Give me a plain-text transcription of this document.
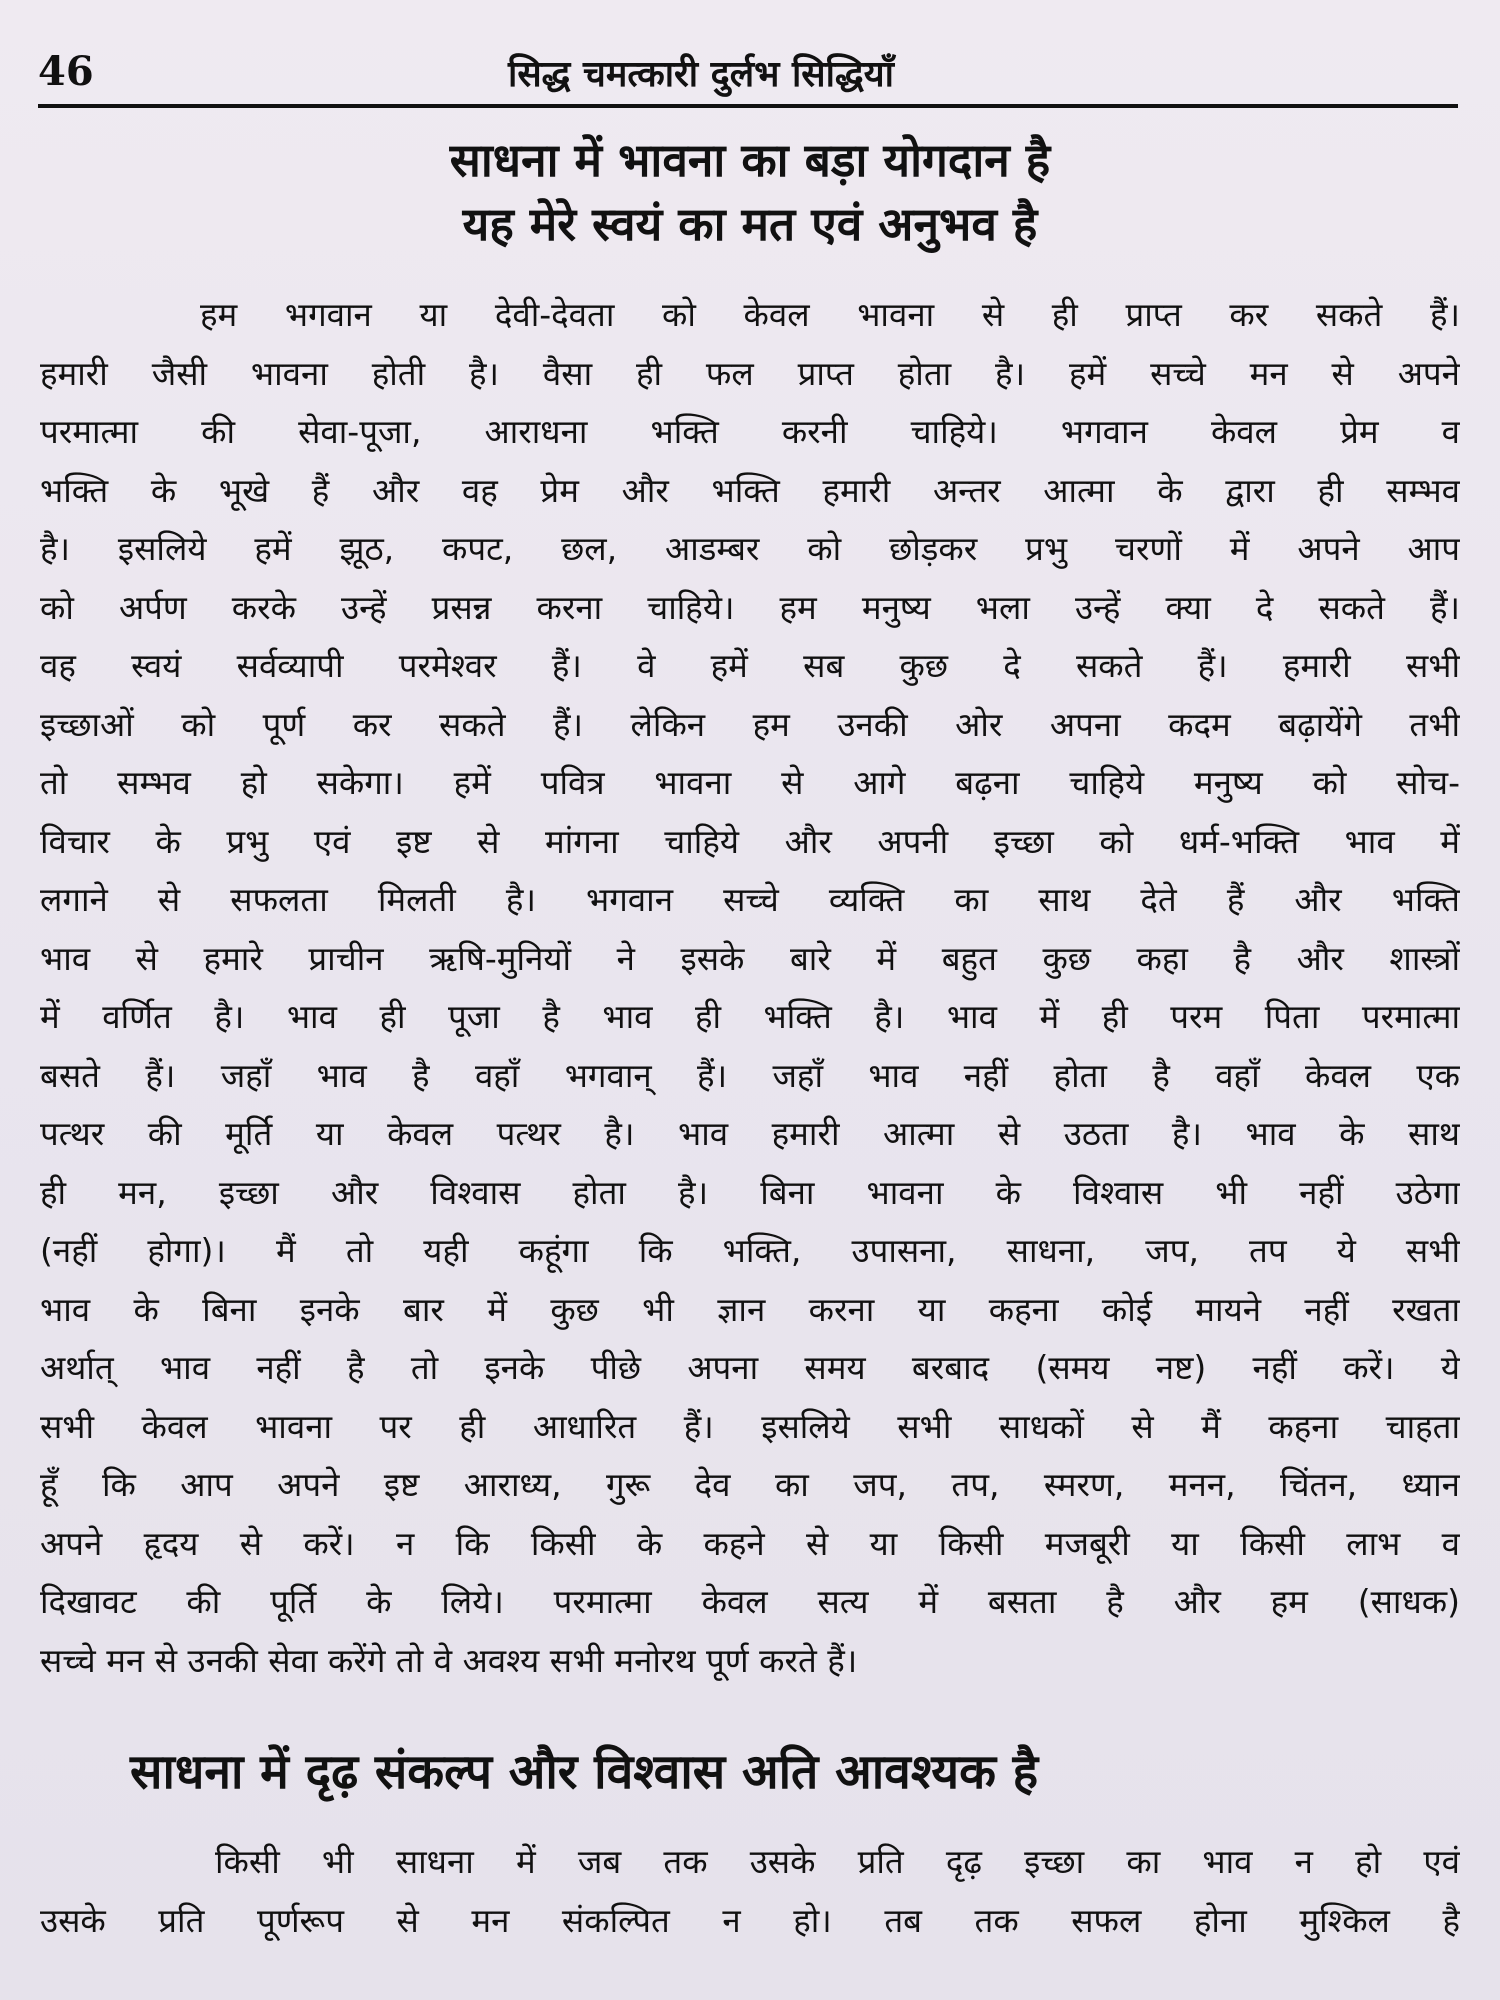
46	सिद्ध चमत्कारी दुर्लभ सिद्धियाँ
साधना में भावना का बड़ा योगदान है
यह मेरे स्वयं का मत एवं अनुभव है
हम भगवान या देवी-देवता को केवल भावना से ही प्राप्त कर सकते हैं।
हमारी जैसी भावना होती है। वैसा ही फल प्राप्त होता है। हमें सच्चे मन से अपने
परमात्मा की सेवा-पूजा, आराधना भक्ति करनी चाहिये। भगवान केवल प्रेम व
भक्ति के भूखे हैं और वह प्रेम और भक्ति हमारी अन्तर आत्मा के द्वारा ही सम्भव
है। इसलिये हमें झूठ, कपट, छल, आडम्बर को छोड़कर प्रभु चरणों में अपने आप
को अर्पण करके उन्हें प्रसन्न करना चाहिये। हम मनुष्य भला उन्हें क्या दे सकते हैं।
वह स्वयं सर्वव्यापी परमेश्वर हैं। वे हमें सब कुछ दे सकते हैं। हमारी सभी
इच्छाओं को पूर्ण कर सकते हैं। लेकिन हम उनकी ओर अपना कदम बढ़ायेंगे तभी
तो सम्भव हो सकेगा। हमें पवित्र भावना से आगे बढ़ना चाहिये मनुष्य को सोच-
विचार के प्रभु एवं इष्ट से मांगना चाहिये और अपनी इच्छा को धर्म-भक्ति भाव में
लगाने से सफलता मिलती है। भगवान सच्चे व्यक्ति का साथ देते हैं और भक्ति
भाव से हमारे प्राचीन ऋषि-मुनियों ने इसके बारे में बहुत कुछ कहा है और शास्त्रों
में वर्णित है। भाव ही पूजा है भाव ही भक्ति है। भाव में ही परम पिता परमात्मा
बसते हैं। जहाँ भाव है वहाँ भगवान् हैं। जहाँ भाव नहीं होता है वहाँ केवल एक
पत्थर की मूर्ति या केवल पत्थर है। भाव हमारी आत्मा से उठता है। भाव के साथ
ही मन, इच्छा और विश्वास होता है। बिना भावना के विश्वास भी नहीं उठेगा
(नहीं होगा)। मैं तो यही कहूंगा कि भक्ति, उपासना, साधना, जप, तप ये सभी
भाव के बिना इनके बार में कुछ भी ज्ञान करना या कहना कोई मायने नहीं रखता
अर्थात् भाव नहीं है तो इनके पीछे अपना समय बरबाद (समय नष्ट) नहीं करें। ये
सभी केवल भावना पर ही आधारित हैं। इसलिये सभी साधकों से मैं कहना चाहता
हूँ कि आप अपने इष्ट आराध्य, गुरू देव का जप, तप, स्मरण, मनन, चिंतन, ध्यान
अपने हृदय से करें। न कि किसी के कहने से या किसी मजबूरी या किसी लाभ व
दिखावट की पूर्ति के लिये। परमात्मा केवल सत्य में बसता है और हम (साधक)
सच्चे मन से उनकी सेवा करेंगे तो वे अवश्य सभी मनोरथ पूर्ण करते हैं।
साधना में दृढ़ संकल्प और विश्वास अति आवश्यक है
किसी भी साधना में जब तक उसके प्रति दृढ़ इच्छा का भाव न हो एवं
उसके प्रति पूर्णरूप से मन संकल्पित न हो। तब तक सफल होना मुश्किल है
